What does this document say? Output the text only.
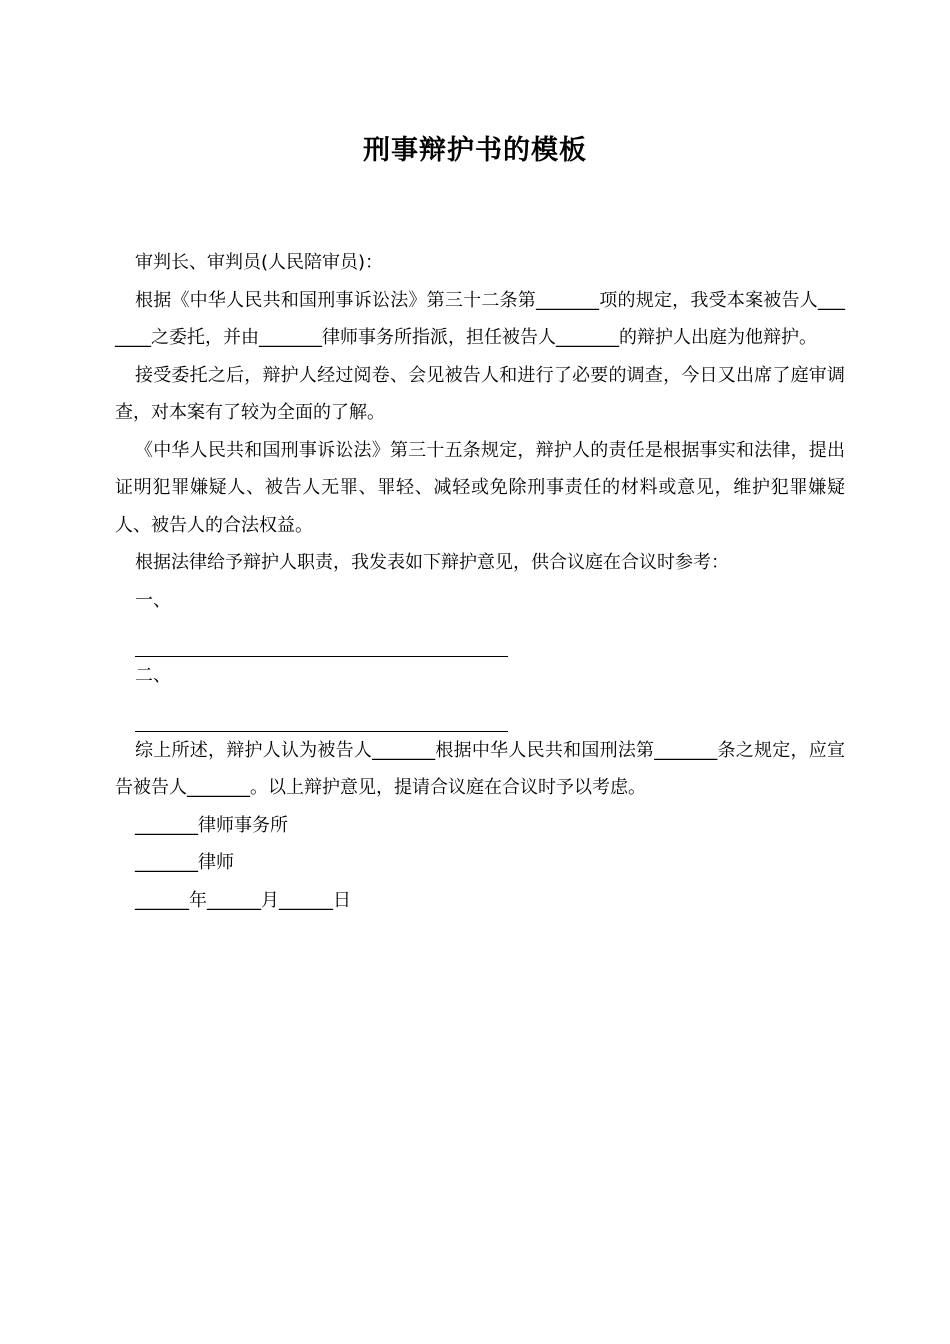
刑事辩护书的模板

审判长、审判员(人民陪审员)：

根据《中华人民共和国刑事诉讼法》第三十二条第_______项的规定，我受本案被告人_______之委托，并由_______律师事务所指派，担任被告人_______的辩护人出庭为他辩护。

接受委托之后，辩护人经过阅卷、会见被告人和进行了必要的调查，今日又出席了庭审调查，对本案有了较为全面的了解。

《中华人民共和国刑事诉讼法》第三十五条规定，辩护人的责任是根据事实和法律，提出证明犯罪嫌疑人、被告人无罪、罪轻、减轻或免除刑事责任的材料或意见，维护犯罪嫌疑人、被告人的合法权益。

根据法律给予辩护人职责，我发表如下辩护意见，供合议庭在合议时参考：

一、

二、

综上所述，辩护人认为被告人_______根据中华人民共和国刑法第_______条之规定，应宣告被告人_______。以上辩护意见，提请合议庭在合议时予以考虑。

_______律师事务所

_______律师

______年______月______日
